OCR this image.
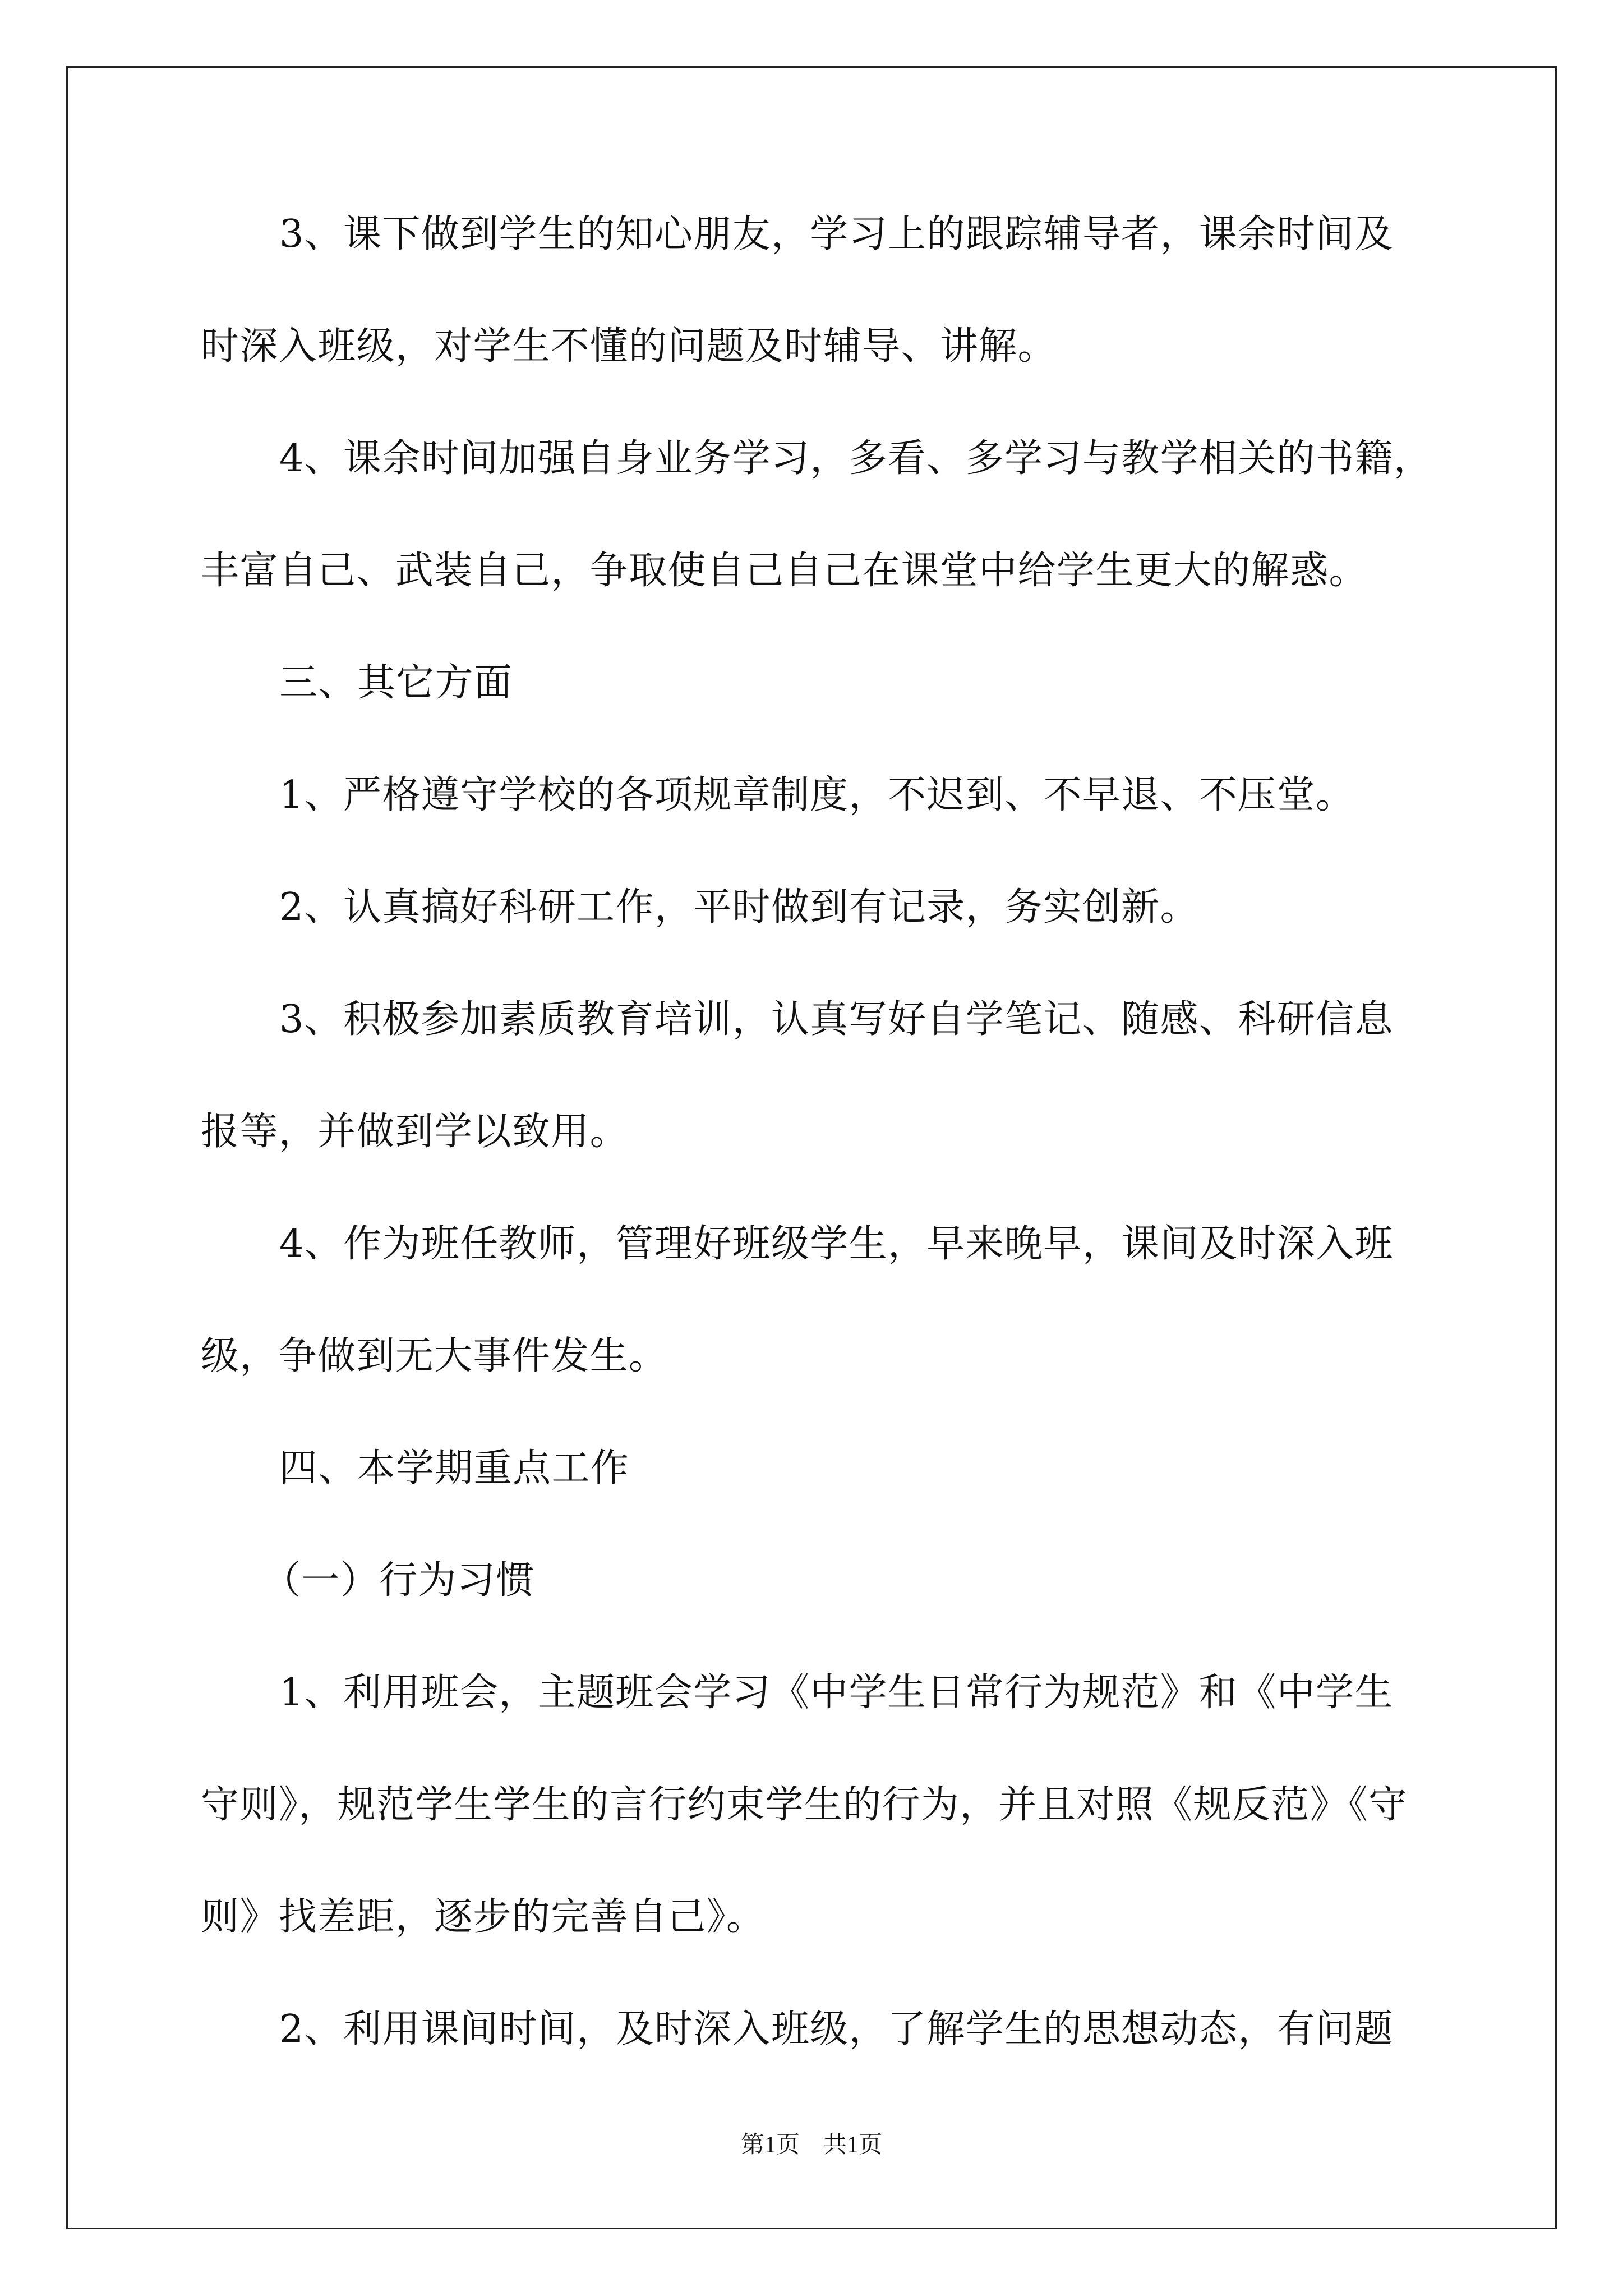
3、课下做到学生的知心朋友，学习上的跟踪辅导者，课余时间及
时深入班级，对学生不懂的问题及时辅导、讲解。
4、课余时间加强自身业务学习，多看、多学习与教学相关的书籍，
丰富自己、武装自己，争取使自己自己在课堂中给学生更大的解惑。
三、其它方面
1、严格遵守学校的各项规章制度，不迟到、不早退、不压堂。
2、认真搞好科研工作，平时做到有记录，务实创新。
3、积极参加素质教育培训，认真写好自学笔记、随感、科研信息
报等，并做到学以致用。
4、作为班任教师，管理好班级学生，早来晚早，课间及时深入班
级，争做到无大事件发生。
四、本学期重点工作
（一）行为习惯
1、利用班会，主题班会学习《中学生日常行为规范》和《中学生
守则》，规范学生学生的言行约束学生的行为，并且对照《规反范》《守
则》找差距，逐步的完善自己》。
2、利用课间时间，及时深入班级，了解学生的思想动态，有问题
第1页　共1页
